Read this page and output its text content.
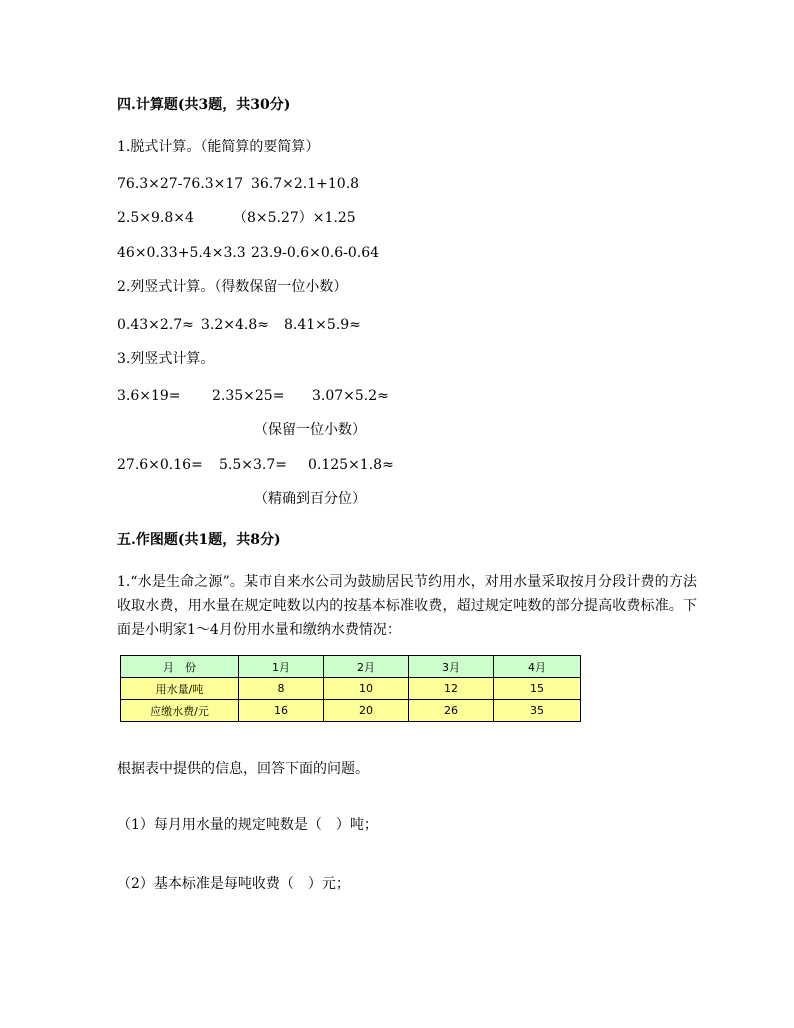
四.计算题(共3题，共30分)
1.脱式计算。（能简算的要简算）
76.3×27-76.3×17 36.7×2.1+10.8
2.5×9.8×4	（8×5.27）×1.25
46×0.33+5.4×3.3 23.9-0.6×0.6-0.64
2.列竖式计算。（得数保留一位小数）
0.43×2.7≈ 3.2×4.8≈ 8.41×5.9≈
3.列竖式计算。
3.6×19= 2.35×25= 3.07×5.2≈
（保留一位小数）
27.6×0.16= 5.5×3.7= 0.125×1.8≈
（精确到百分位）
五.作图题(共1题，共8分)
1.“水是生命之源”。某市自来水公司为鼓励居民节约用水，对用水量采取按月分段计费的方法收取水费，用水量在规定吨数以内的按基本标准收费，超过规定吨数的部分提高收费标准。下面是小明家1～4月份用水量和缴纳水费情况：
月　份	1月	2月	3月	4月
用水量/吨	8	10	12	15
应缴水费/元	16	20	26	35
根据表中提供的信息，回答下面的问题。
（1）每月用水量的规定吨数是（　）吨；
（2）基本标准是每吨收费（　）元；
